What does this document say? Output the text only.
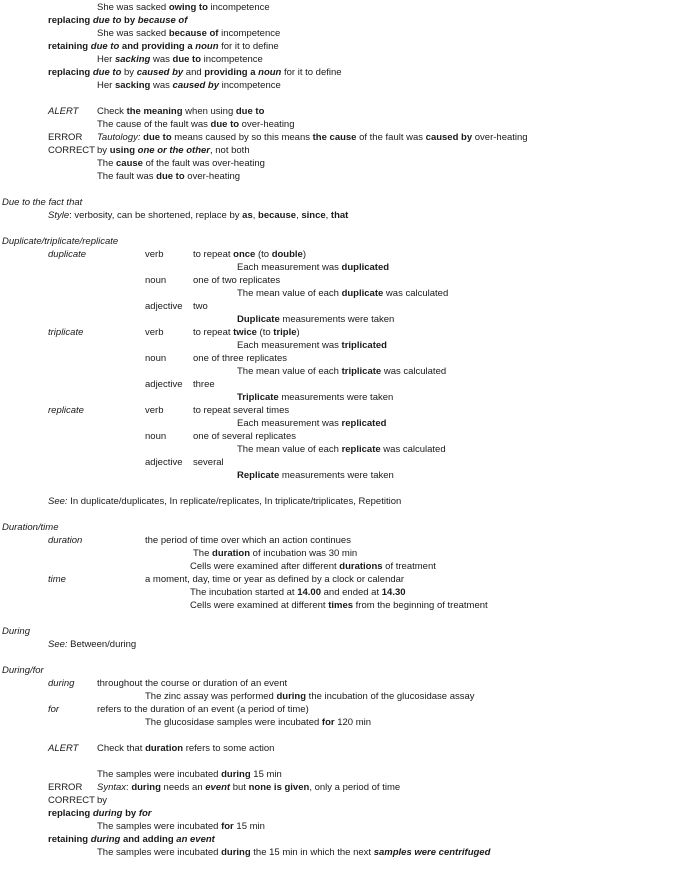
She was sacked owing to incompetence
replacing due to by because of
She was sacked because of incompetence
retaining due to and providing a noun for it to define
Her sacking was due to incompetence
replacing due to by caused by and providing a noun for it to define
Her sacking was caused by incompetence
ALERT Check the meaning when using due to
The cause of the fault was due to over-heating
ERROR Tautology: due to means caused by so this means the cause of the fault was caused by over-heating
CORRECT by using one or the other, not both
The cause of the fault was over-heating
The fault was due to over-heating
Due to the fact that
Style: verbosity, can be shortened, replace by as, because, since, that
Duplicate/triplicate/replicate
duplicate	verb	to repeat once (to double)
Each measurement was duplicated
noun	one of two replicates
The mean value of each duplicate was calculated
adjective two
Duplicate measurements were taken
triplicate	verb	to repeat twice (to triple)
Each measurement was triplicated
noun	one of three replicates
The mean value of each triplicate was calculated
adjective three
Triplicate measurements were taken
replicate	verb	to repeat several times
Each measurement was replicated
noun	one of several replicates
The mean value of each replicate was calculated
adjective several
Replicate measurements were taken
See: In duplicate/duplicates, In replicate/replicates, In triplicate/triplicates, Repetition
Duration/time
duration	the period of time over which an action continues
The duration of incubation was 30 min
Cells were examined after different durations of treatment
time	a moment, day, time or year as defined by a clock or calendar
The incubation started at 14.00 and ended at 14.30
Cells were examined at different times from the beginning of treatment
During
See: Between/during
During/for
during throughout the course or duration of an event
The zinc assay was performed during the incubation of the glucosidase assay
for	refers to the duration of an event (a period of time)
The glucosidase samples were incubated for 120 min
ALERT Check that duration refers to some action
The samples were incubated during 15 min
ERROR Syntax: during needs an event but none is given, only a period of time
CORRECT by
replacing during by for
The samples were incubated for 15 min
retaining during and adding an event
The samples were incubated during the 15 min in which the next samples were centrifuged
